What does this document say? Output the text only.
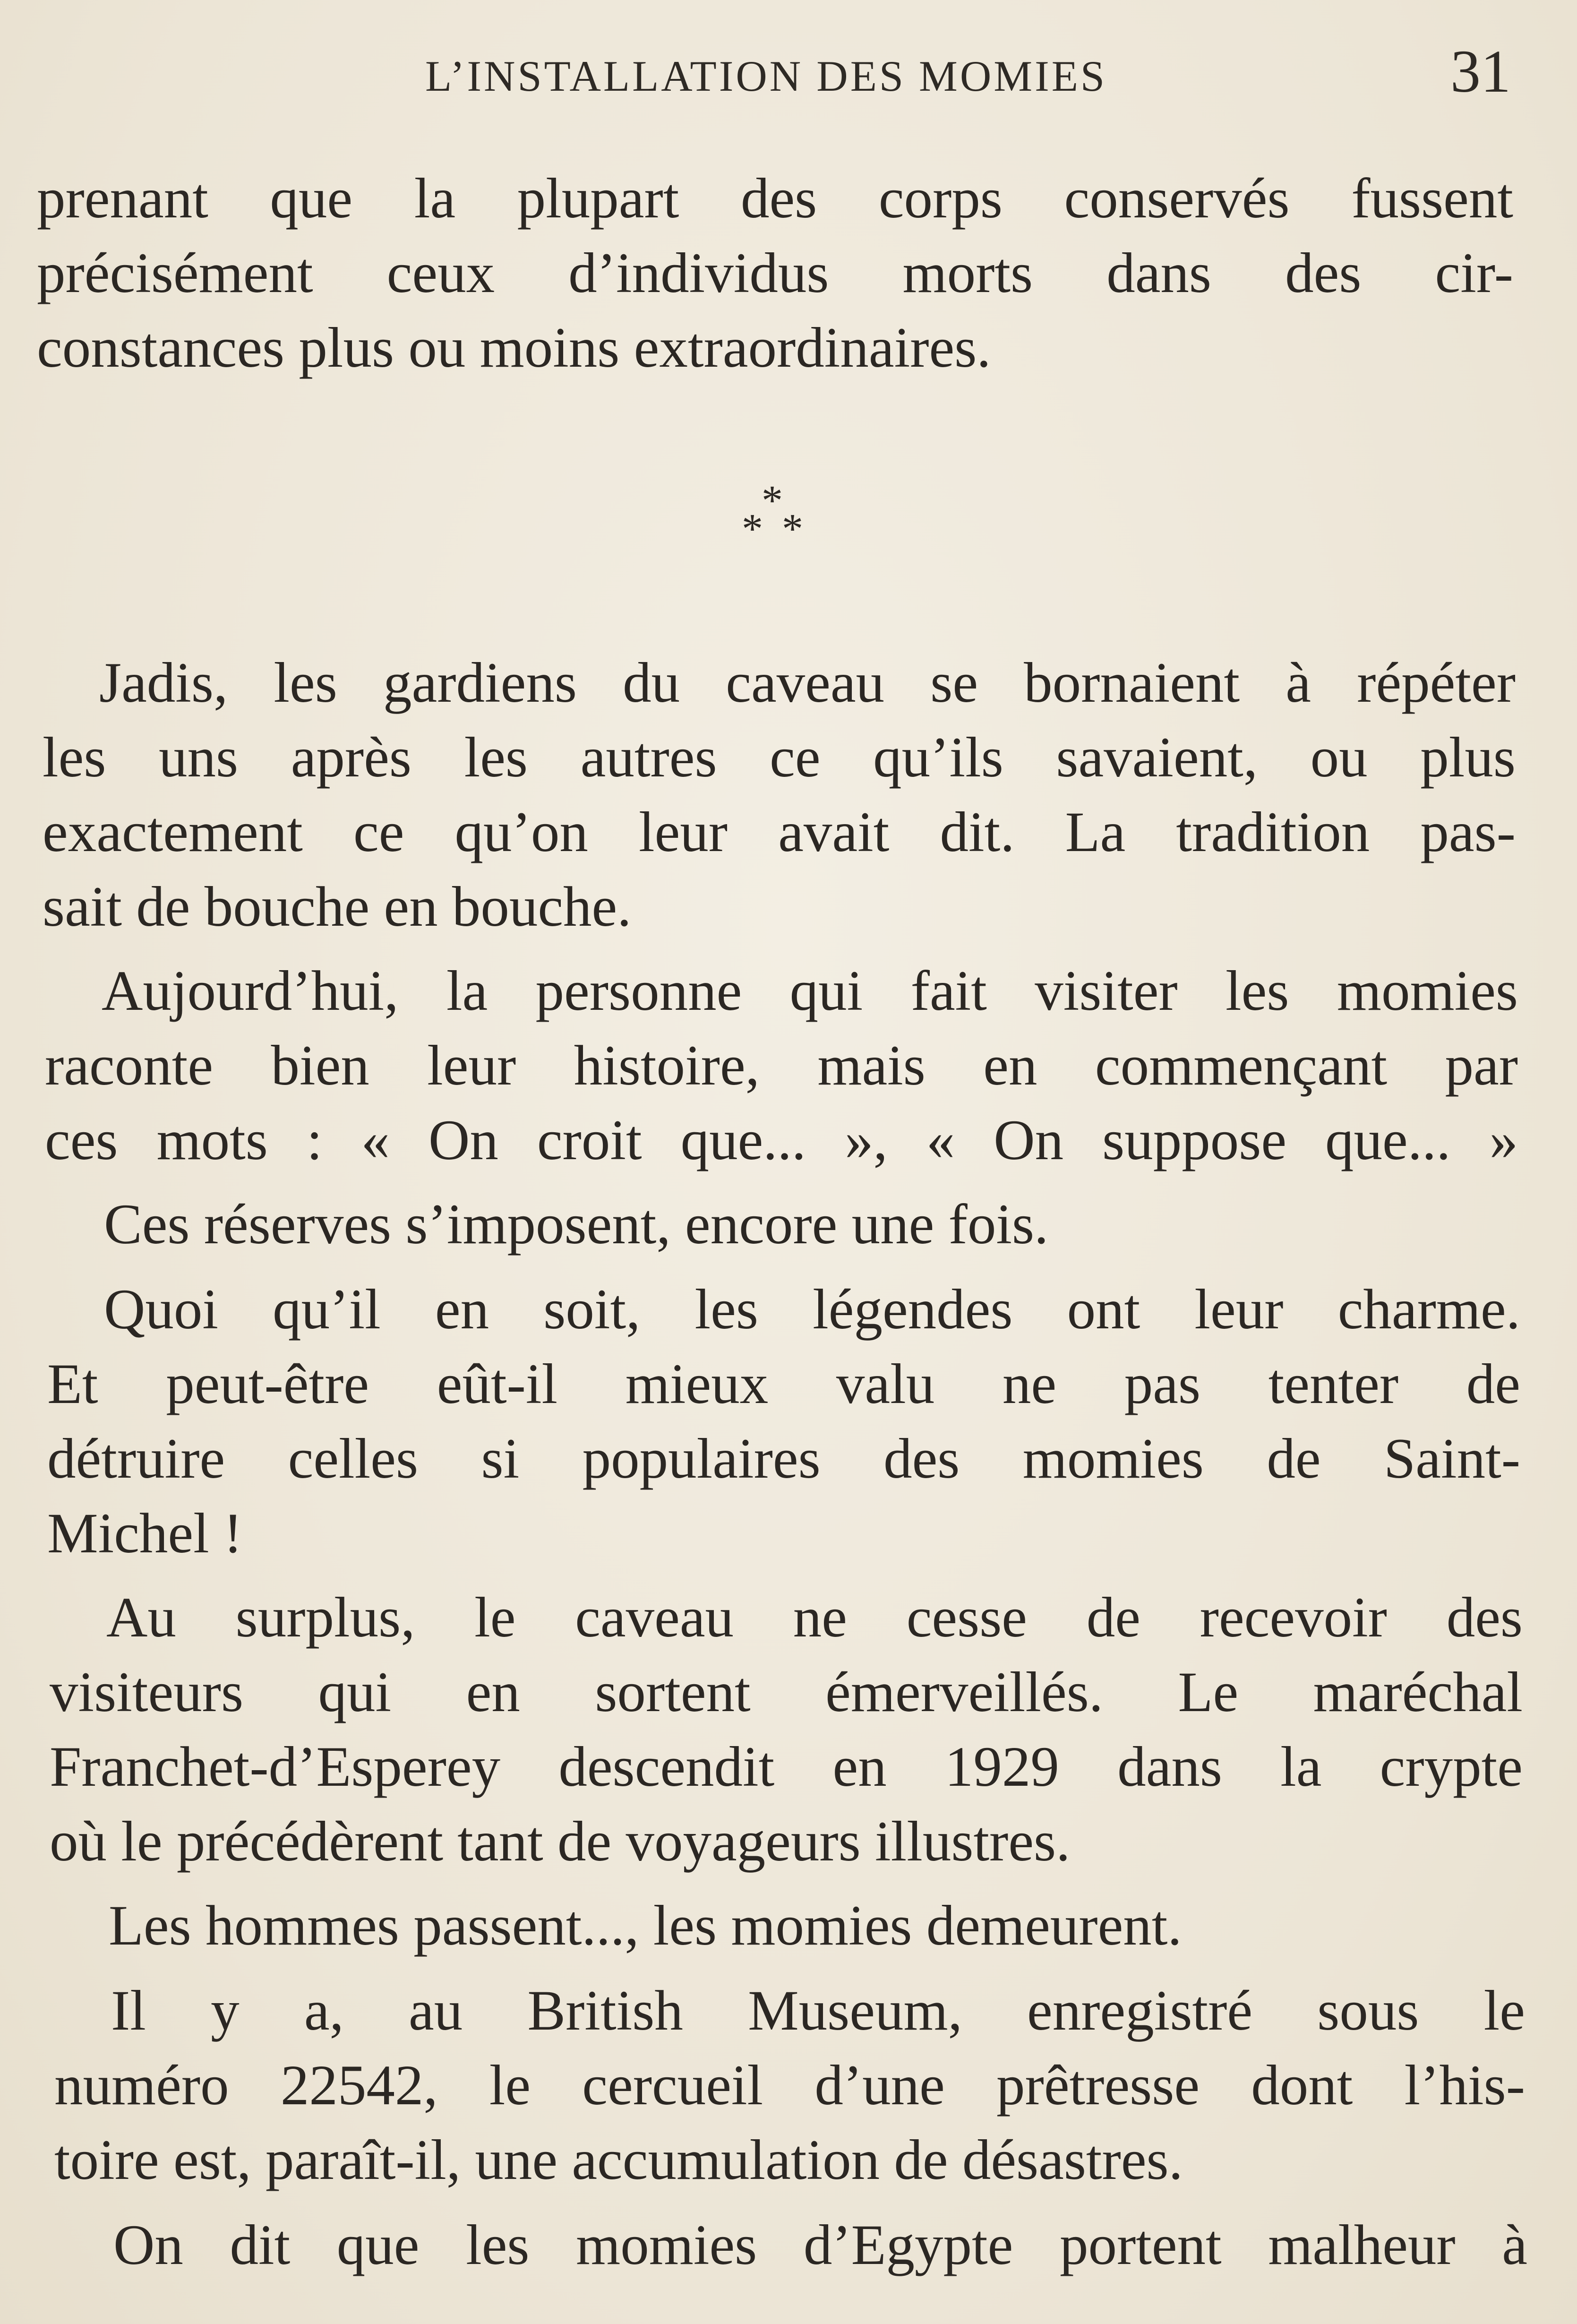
L’INSTALLATION DES MOMIES	31
prenant que la plupart des corps conservés fussent
précisément ceux d’individus morts dans des cir-
constances plus ou moins extraordinaires.
*
* *
Jadis, les gardiens du caveau se bornaient à répéter
les uns après les autres ce qu’ils savaient, ou plus
exactement ce qu’on leur avait dit. La tradition pas-
sait de bouche en bouche.
Aujourd’hui, la personne qui fait visiter les momies
raconte bien leur histoire, mais en commençant par
ces mots : « On croit que... », « On suppose que... »
Ces réserves s’imposent, encore une fois.
Quoi qu’il en soit, les légendes ont leur charme.
Et peut-être eût-il mieux valu ne pas tenter de
détruire celles si populaires des momies de Saint-
Michel !
Au surplus, le caveau ne cesse de recevoir des
visiteurs qui en sortent émerveillés. Le maréchal
Franchet-d’Esperey descendit en 1929 dans la crypte
où le précédèrent tant de voyageurs illustres.
Les hommes passent..., les momies demeurent.
Il y a, au British Museum, enregistré sous le
numéro 22542, le cercueil d’une prêtresse dont l’his-
toire est, paraît-il, une accumulation de désastres.
On dit que les momies d’Egypte portent malheur à
